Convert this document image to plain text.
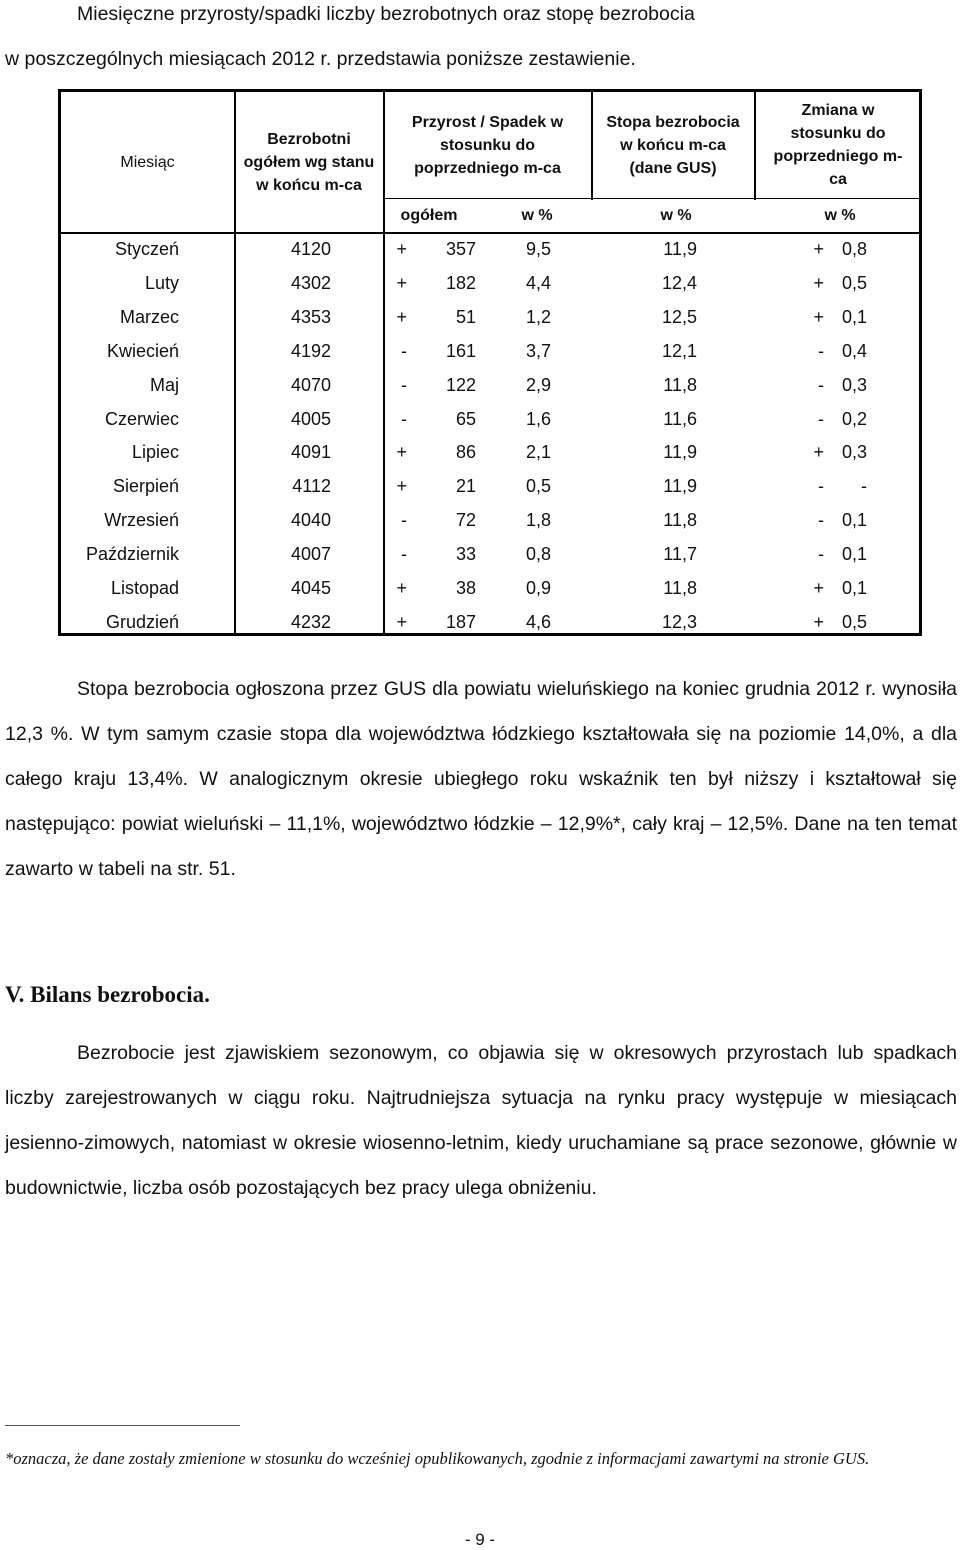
Miesięczne przyrosty/spadki liczby bezrobotnych oraz stopę bezrobocia
w poszczególnych miesiącach 2012 r. przedstawia poniższe zestawienie.
Miesiąc
Bezrobotni ogółem wg stanu w końcu m-ca
Przyrost / Spadek w stosunku do poprzedniego m-ca
Stopa bezrobocia w końcu m-ca (dane GUS)
Zmiana w stosunku do poprzedniego m-ca
ogółem	w %	w %	w %
Styczeń	4120	+	357	9,5	11,9	+ 0,8
Luty	4302	+	182	4,4	12,4	+ 0,5
Marzec	4353	+	51	1,2	12,5	+ 0,1
Kwiecień	4192	-	161	3,7	12,1	- 0,4
Maj	4070	-	122	2,9	11,8	- 0,3
Czerwiec	4005	-	65	1,6	11,6	- 0,2
Lipiec	4091	+	86	2,1	11,9	+ 0,3
Sierpień	4112	+	21	0,5	11,9	-	-
Wrzesień	4040	-	72	1,8	11,8	- 0,1
Październik	4007	-	33	0,8	11,7	- 0,1
Listopad	4045	+	38	0,9	11,8	+ 0,1
Grudzień	4232	+	187	4,6	12,3	+ 0,5
Stopa bezrobocia ogłoszona przez GUS dla powiatu wieluńskiego na koniec grudnia 2012 r. wynosiła 12,3 %. W tym samym czasie stopa dla województwa łódzkiego kształtowała się na poziomie 14,0%, a dla całego kraju 13,4%. W analogicznym okresie ubiegłego roku wskaźnik ten był niższy i kształtował się następująco: powiat wieluński – 11,1%, województwo łódzkie – 12,9%*, cały kraj – 12,5%. Dane na ten temat zawarto w tabeli na str. 51.
V. Bilans bezrobocia.
Bezrobocie jest zjawiskiem sezonowym, co objawia się w okresowych przyrostach lub spadkach liczby zarejestrowanych w ciągu roku. Najtrudniejsza sytuacja na rynku pracy występuje w miesiącach jesienno-zimowych, natomiast w okresie wiosenno-letnim, kiedy uruchamiane są prace sezonowe, głównie w budownictwie, liczba osób pozostających bez pracy ulega obniżeniu.
*oznacza, że dane zostały zmienione w stosunku do wcześniej opublikowanych, zgodnie z informacjami zawartymi na stronie GUS.
- 9 -
